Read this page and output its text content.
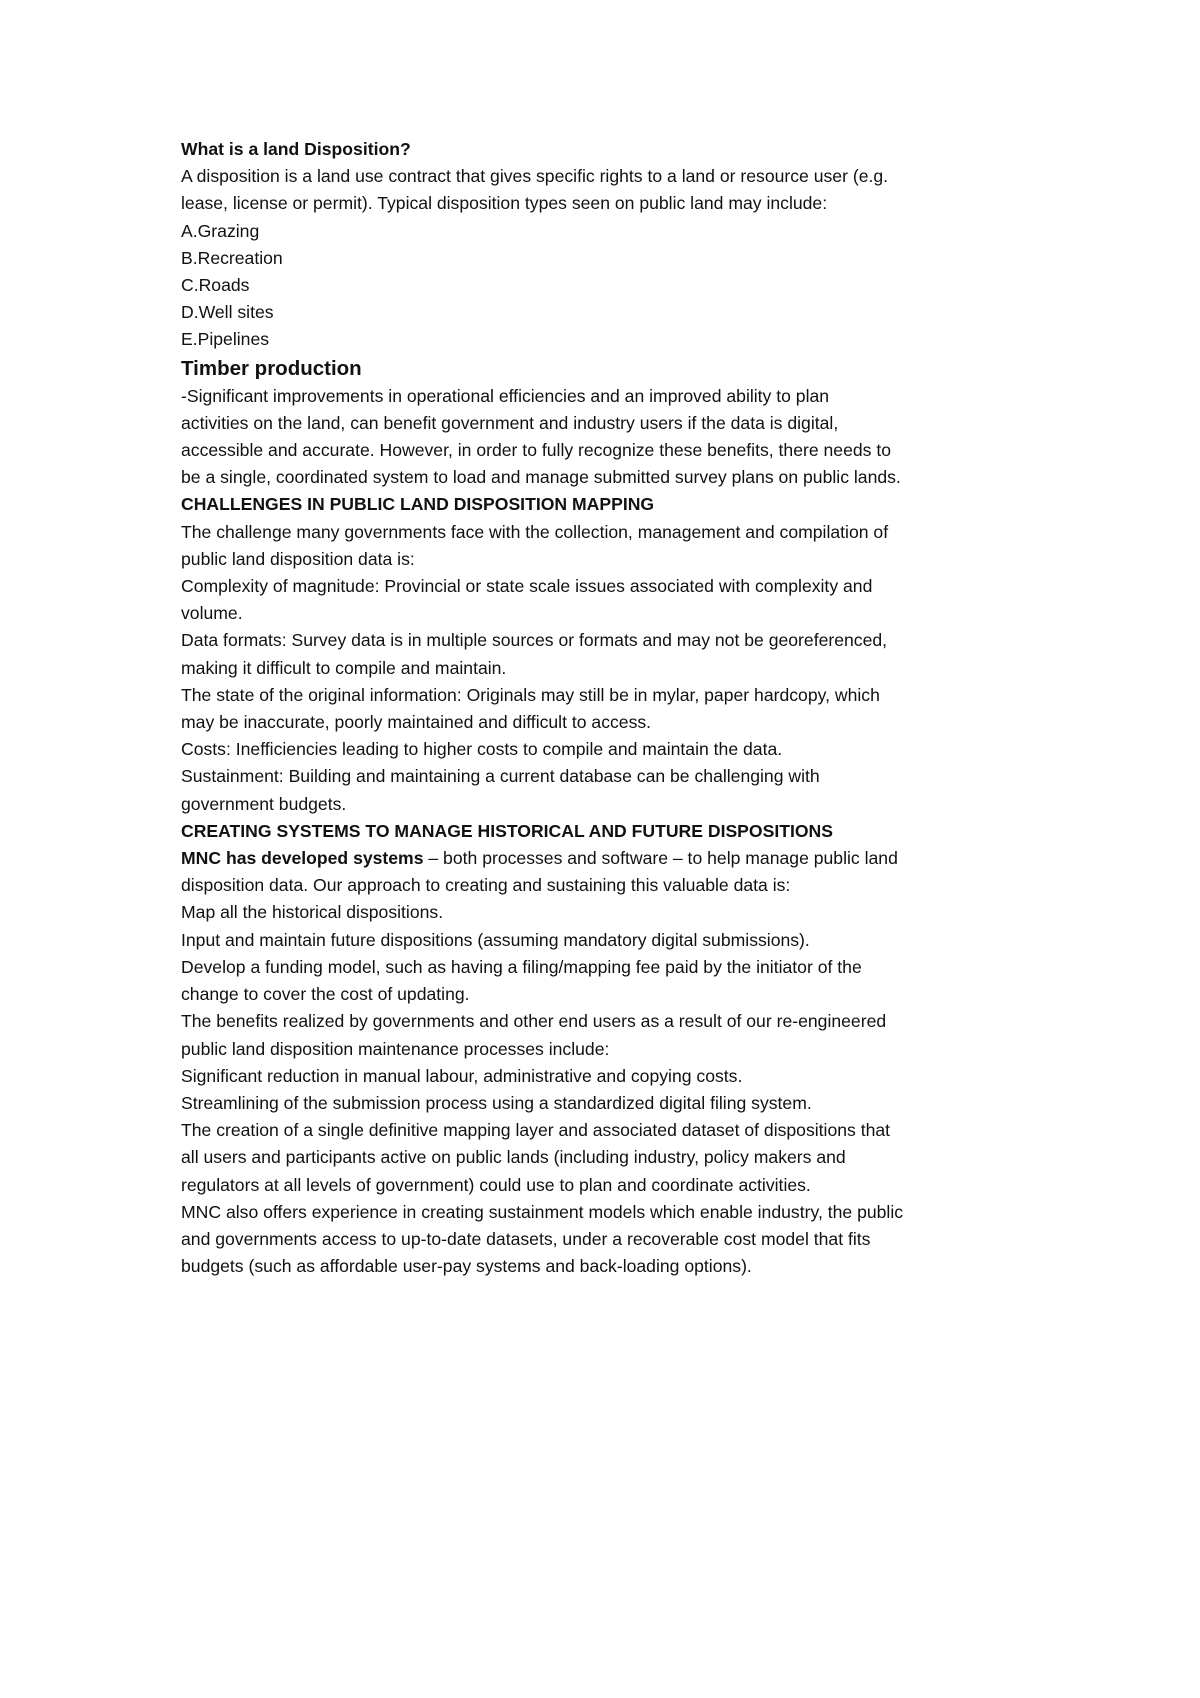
What is a land Disposition?

A disposition is a land use contract that gives specific rights to a land or resource user (e.g.

lease, license or permit). Typical disposition types seen on public land may include:

A.Grazing

B.Recreation

C.Roads

D.Well sites

E.Pipelines

Timber production

-Significant improvements in operational efficiencies and an improved ability to plan

activities on the land, can benefit government and industry users if the data is digital,

accessible and accurate. However, in order to fully recognize these benefits, there needs to

be a single, coordinated system to load and manage submitted survey plans on public lands.

CHALLENGES IN PUBLIC LAND DISPOSITION MAPPING

The challenge many governments face with the collection, management and compilation of

public land disposition data is:

Complexity of magnitude: Provincial or state scale issues associated with complexity and

volume.

Data formats: Survey data is in multiple sources or formats and may not be georeferenced,

making it difficult to compile and maintain.

The state of the original information: Originals may still be in mylar, paper hardcopy, which

may be inaccurate, poorly maintained and difficult to access.

Costs: Inefficiencies leading to higher costs to compile and maintain the data.

Sustainment: Building and maintaining a current database can be challenging with

government budgets.

CREATING SYSTEMS TO MANAGE HISTORICAL AND FUTURE DISPOSITIONS

MNC has developed systems – both processes and software – to help manage public land

disposition data. Our approach to creating and sustaining this valuable data is:

Map all the historical dispositions.

Input and maintain future dispositions (assuming mandatory digital submissions).

Develop a funding model, such as having a filing/mapping fee paid by the initiator of the

change to cover the cost of updating.

The benefits realized by governments and other end users as a result of our re-engineered

public land disposition maintenance processes include:

Significant reduction in manual labour, administrative and copying costs.

Streamlining of the submission process using a standardized digital filing system.

The creation of a single definitive mapping layer and associated dataset of dispositions that

all users and participants active on public lands (including industry, policy makers and

regulators at all levels of government) could use to plan and coordinate activities.

MNC also offers experience in creating sustainment models which enable industry, the public

and governments access to up-to-date datasets, under a recoverable cost model that fits

budgets (such as affordable user-pay systems and back-loading options).
